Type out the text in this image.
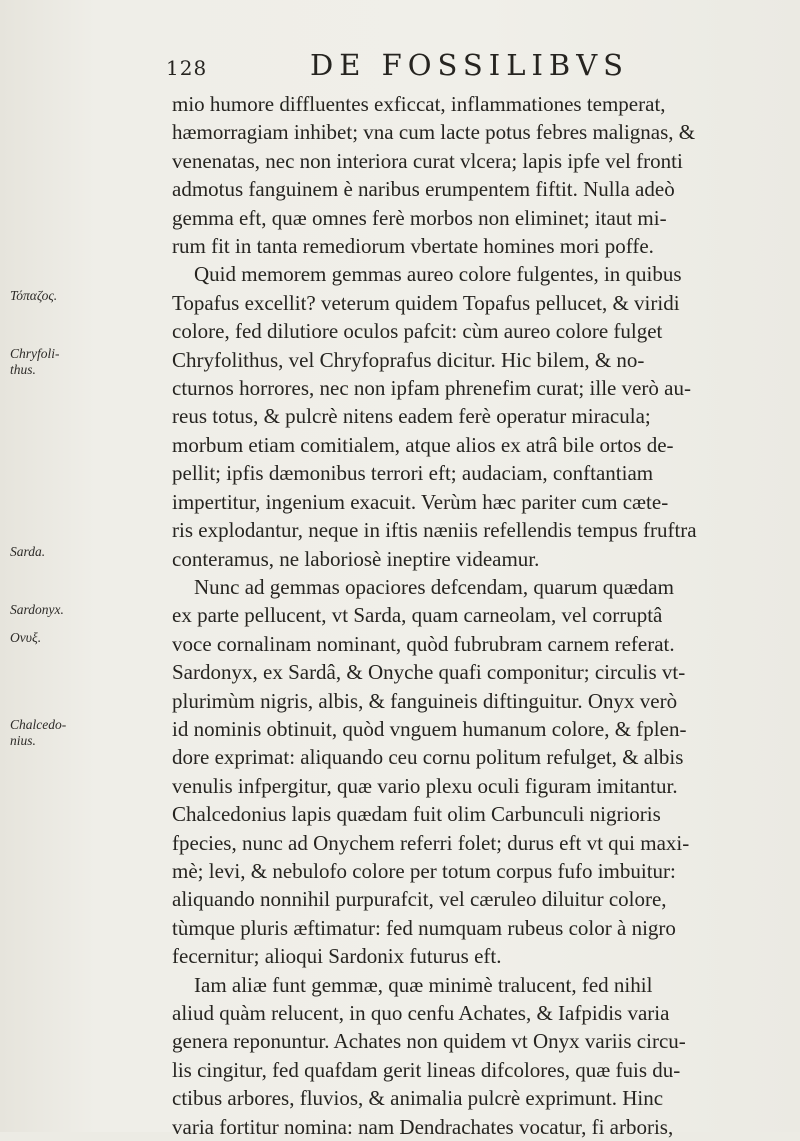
128	DE FOSSILIBVS
Τόπαζος.
Chryfoli-
thus.
Sarda.
Sardonyx.
Ονυξ.
Chalcedo-
nius.
mio humore diffluentes exficcat, inflammationes temperat,
hæmorragiam inhibet; vna cum lacte potus febres malignas, &
venenatas, nec non interiora curat vlcera; lapis ipfe vel fronti
admotus fanguinem è naribus erumpentem fiftit. Nulla adeò
gemma eft, quæ omnes ferè morbos non eliminet; itaut mi-
rum fit in tanta remediorum vbertate homines mori poffe.
Quid memorem gemmas aureo colore fulgentes, in quibus
Topafus excellit? veterum quidem Topafus pellucet, & viridi
colore, fed dilutiore oculos pafcit: cùm aureo colore fulget
Chryfolithus, vel Chryfoprafus dicitur. Hic bilem, & no-
cturnos horrores, nec non ipfam phrenefim curat; ille verò au-
reus totus, & pulcrè nitens eadem ferè operatur miracula;
morbum etiam comitialem, atque alios ex atrâ bile ortos de-
pellit; ipfis dæmonibus terrori eft; audaciam, conftantiam
impertitur, ingenium exacuit. Verùm hæc pariter cum cæte-
ris explodantur, neque in iftis næniis refellendis tempus fruftra
conteramus, ne laboriosè ineptire videamur.
Nunc ad gemmas opaciores defcendam, quarum quædam
ex parte pellucent, vt Sarda, quam carneolam, vel corruptâ
voce cornalinam nominant, quòd fubrubram carnem referat.
Sardonyx, ex Sardâ, & Onyche quafi componitur; circulis vt-
plurimùm nigris, albis, & fanguineis diftinguitur. Onyx verò
id nominis obtinuit, quòd vnguem humanum colore, & fplen-
dore exprimat: aliquando ceu cornu politum refulget, & albis
venulis infpergitur, quæ vario plexu oculi figuram imitantur.
Chalcedonius lapis quædam fuit olim Carbunculi nigrioris
fpecies, nunc ad Onychem referri folet; durus eft vt qui maxi-
mè; levi, & nebulofo colore per totum corpus fufo imbuitur:
aliquando nonnihil purpurafcit, vel cæruleo diluitur colore,
tùmque pluris æftimatur: fed numquam rubeus color à nigro
fecernitur; alioqui Sardonix futurus eft.
Iam aliæ funt gemmæ, quæ minimè tralucent, fed nihil
aliud quàm relucent, in quo cenfu Achates, & Iafpidis varia
genera reponuntur. Achates non quidem vt Onyx variis circu-
lis cingitur, fed quafdam gerit lineas difcolores, quæ fuis du-
ctibus arbores, fluvios, & animalia pulcrè exprimunt. Hinc
varia fortitur nomina: nam Dendrachates vocatur, fi arboris,
